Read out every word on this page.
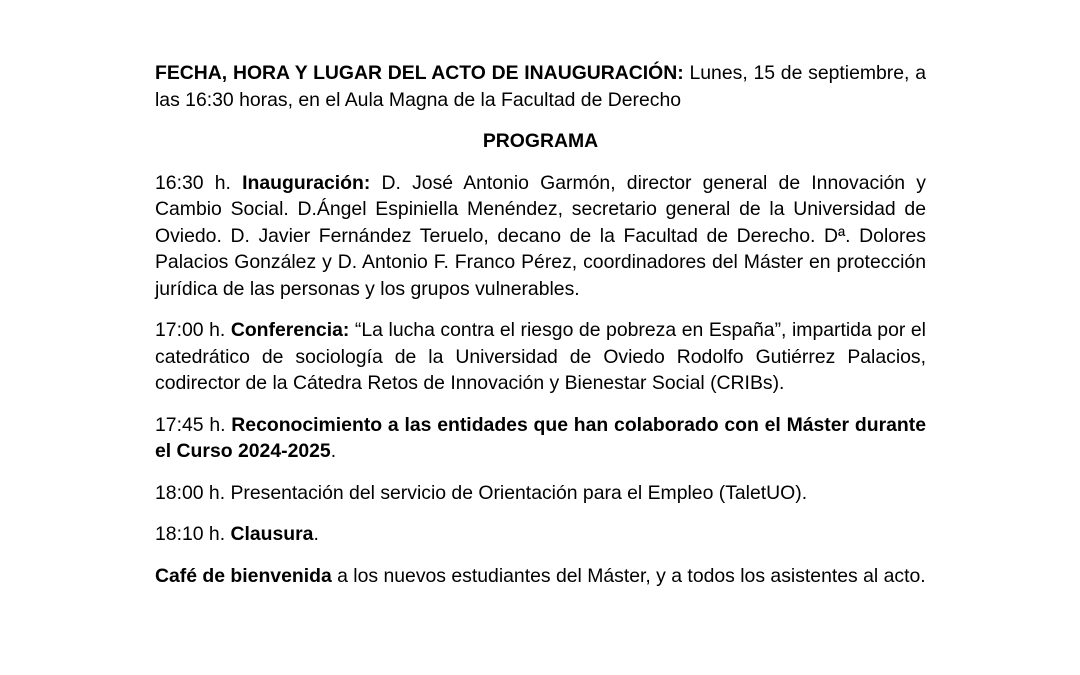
FECHA, HORA Y LUGAR DEL ACTO DE INAUGURACIÓN: Lunes, 15 de septiembre, a las 16:30 horas, en el Aula Magna de la Facultad de Derecho

PROGRAMA

16:30 h. Inauguración: D. José Antonio Garmón, director general de Innovación y Cambio Social. D.Ángel Espiniella Menéndez, secretario general de la Universidad de Oviedo. D. Javier Fernández Teruelo, decano de la Facultad de Derecho. Dª. Dolores Palacios González y D. Antonio F. Franco Pérez, coordinadores del Máster en protección jurídica de las personas y los grupos vulnerables.

17:00 h. Conferencia: “La lucha contra el riesgo de pobreza en España”, impartida por el catedrático de sociología de la Universidad de Oviedo Rodolfo Gutiérrez Palacios, codirector de la Cátedra Retos de Innovación y Bienestar Social (CRIBs).

17:45 h. Reconocimiento a las entidades que han colaborado con el Máster durante el Curso 2024-2025.

18:00 h. Presentación del servicio de Orientación para el Empleo (TaletUO).

18:10 h. Clausura.

Café de bienvenida a los nuevos estudiantes del Máster, y a todos los asistentes al acto.
